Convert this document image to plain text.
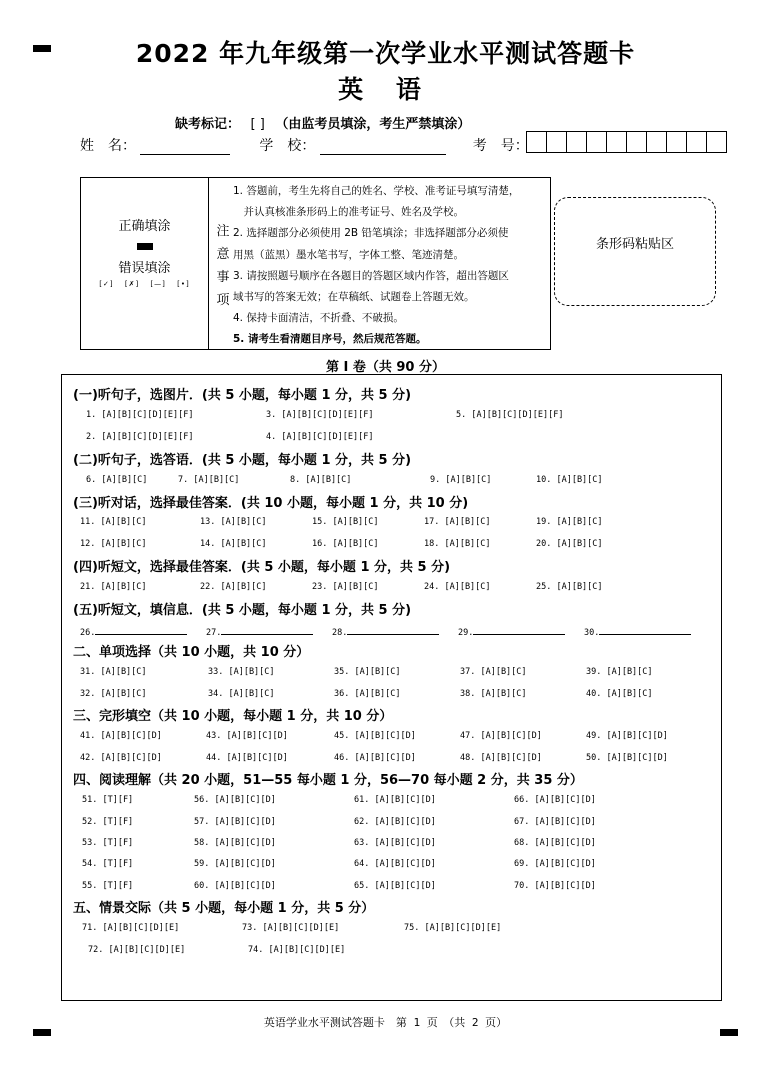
2022 年九年级第一次学业水平测试答题卡
英 语
缺考标记： [ ] （由监考员填涂，考生严禁填涂）
姓　名：	学　校：	考　号：
正确填涂
错误填涂
[✓]　 [✗]　 [—]　 [•]
注
意
事
项
1. 答题前，考生先将自己的姓名、学校、准考证号填写清楚，
　并认真核准条形码上的准考证号、姓名及学校。
2. 选择题部分必须使用 2B 铅笔填涂；非选择题部分必须使
用黑（蓝黑）墨水笔书写，字体工整、笔迹清楚。
3. 请按照题号顺序在各题目的答题区域内作答，超出答题区
域书写的答案无效；在草稿纸、试题卷上答题无效。
4. 保持卡面清洁，不折叠、不破损。
5. 请考生看清题目序号，然后规范答题。
条形码粘贴区
第 I 卷（共 90 分）
(一)听句子，选图片．(共 5 小题，每小题 1 分，共 5 分)
1. [A][B][C][D][E][F]	3. [A][B][C][D][E][F]	5. [A][B][C][D][E][F]
2. [A][B][C][D][E][F]	4. [A][B][C][D][E][F]
(二)听句子，选答语．(共 5 小题，每小题 1 分，共 5 分)
6. [A][B][C]	7. [A][B][C]	8. [A][B][C]	9. [A][B][C]	10. [A][B][C]
(三)听对话，选择最佳答案．(共 10 小题，每小题 1 分，共 10 分)
11. [A][B][C]	13. [A][B][C]	15. [A][B][C]	17. [A][B][C]	19. [A][B][C]
12. [A][B][C]	14. [A][B][C]	16. [A][B][C]	18. [A][B][C]	20. [A][B][C]
(四)听短文，选择最佳答案．(共 5 小题，每小题 1 分，共 5 分)
21. [A][B][C]	22. [A][B][C]	23. [A][B][C]	24. [A][B][C]	25. [A][B][C]
(五)听短文，填信息．(共 5 小题，每小题 1 分，共 5 分)
26.	27.	28.	29.	30.
二、单项选择（共 10 小题，共 10 分）
31. [A][B][C]	33. [A][B][C]	35. [A][B][C]	37. [A][B][C]	39. [A][B][C]
32. [A][B][C]	34. [A][B][C]	36. [A][B][C]	38. [A][B][C]	40. [A][B][C]
三、完形填空（共 10 小题，每小题 1 分，共 10 分）
41. [A][B][C][D]	43. [A][B][C][D]	45. [A][B][C][D]	47. [A][B][C][D]	49. [A][B][C][D]
42. [A][B][C][D]	44. [A][B][C][D]	46. [A][B][C][D]	48. [A][B][C][D]	50. [A][B][C][D]
四、阅读理解（共 20 小题，51—55 每小题 1 分，56—70 每小题 2 分，共 35 分）
51. [T][F]	56. [A][B][C][D]	61. [A][B][C][D]	66. [A][B][C][D]
52. [T][F]	57. [A][B][C][D]	62. [A][B][C][D]	67. [A][B][C][D]
53. [T][F]	58. [A][B][C][D]	63. [A][B][C][D]	68. [A][B][C][D]
54. [T][F]	59. [A][B][C][D]	64. [A][B][C][D]	69. [A][B][C][D]
55. [T][F]	60. [A][B][C][D]	65. [A][B][C][D]	70. [A][B][C][D]
五、情景交际（共 5 小题，每小题 1 分，共 5 分）
71. [A][B][C][D][E]	73. [A][B][C][D][E]	75. [A][B][C][D][E]
72. [A][B][C][D][E]	74. [A][B][C][D][E]
英语学业水平测试答题卡　第 1 页　（共 2 页）
